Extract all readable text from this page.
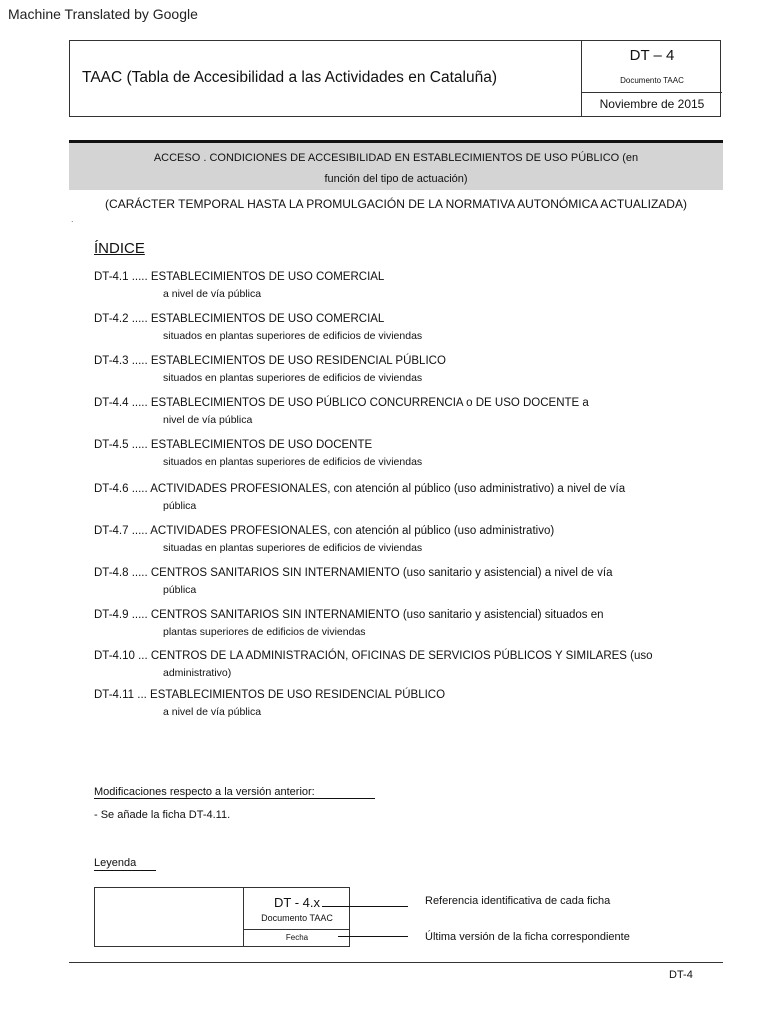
Machine Translated by Google
TAAC (Tabla de Accesibilidad a las Actividades en Cataluña)
DT – 4
Documento TAAC
Noviembre de 2015
ACCESO . CONDICIONES DE ACCESIBILIDAD EN ESTABLECIMIENTOS DE USO PÚBLICO (en
función del tipo de actuación)
(CARÁCTER TEMPORAL HASTA LA PROMULGACIÓN DE LA NORMATIVA AUTONÓMICA ACTUALIZADA)
.
ÍNDICE
DT-4.1 ..... ESTABLECIMIENTOS DE USO COMERCIAL
a nivel de vía pública
DT-4.2 ..... ESTABLECIMIENTOS DE USO COMERCIAL
situados en plantas superiores de edificios de viviendas
DT-4.3 ..... ESTABLECIMIENTOS DE USO RESIDENCIAL PÚBLICO
situados en plantas superiores de edificios de viviendas
DT-4.4 ..... ESTABLECIMIENTOS DE USO PÚBLICO CONCURRENCIA o DE USO DOCENTE a
nivel de vía pública
DT-4.5 ..... ESTABLECIMIENTOS DE USO DOCENTE
situados en plantas superiores de edificios de viviendas
DT-4.6 ..... ACTIVIDADES PROFESIONALES, con atención al público (uso administrativo) a nivel de vía
pública
DT-4.7 ..... ACTIVIDADES PROFESIONALES, con atención al público (uso administrativo)
situadas en plantas superiores de edificios de viviendas
DT-4.8 ..... CENTROS SANITARIOS SIN INTERNAMIENTO (uso sanitario y asistencial) a nivel de vía
pública
DT-4.9 ..... CENTROS SANITARIOS SIN INTERNAMIENTO (uso sanitario y asistencial) situados en
plantas superiores de edificios de viviendas
DT-4.10 ... CENTROS DE LA ADMINISTRACIÓN, OFICINAS DE SERVICIOS PÚBLICOS Y SIMILARES (uso
administrativo)
DT-4.11 ... ESTABLECIMIENTOS DE USO RESIDENCIAL PÚBLICO
a nivel de vía pública
Modificaciones respecto a la versión anterior:
- Se añade la ficha DT-4.11.
Leyenda
DT - 4.x
Documento TAAC
Fecha
Referencia identificativa de cada ficha
Última versión de la ficha correspondiente
DT-4
